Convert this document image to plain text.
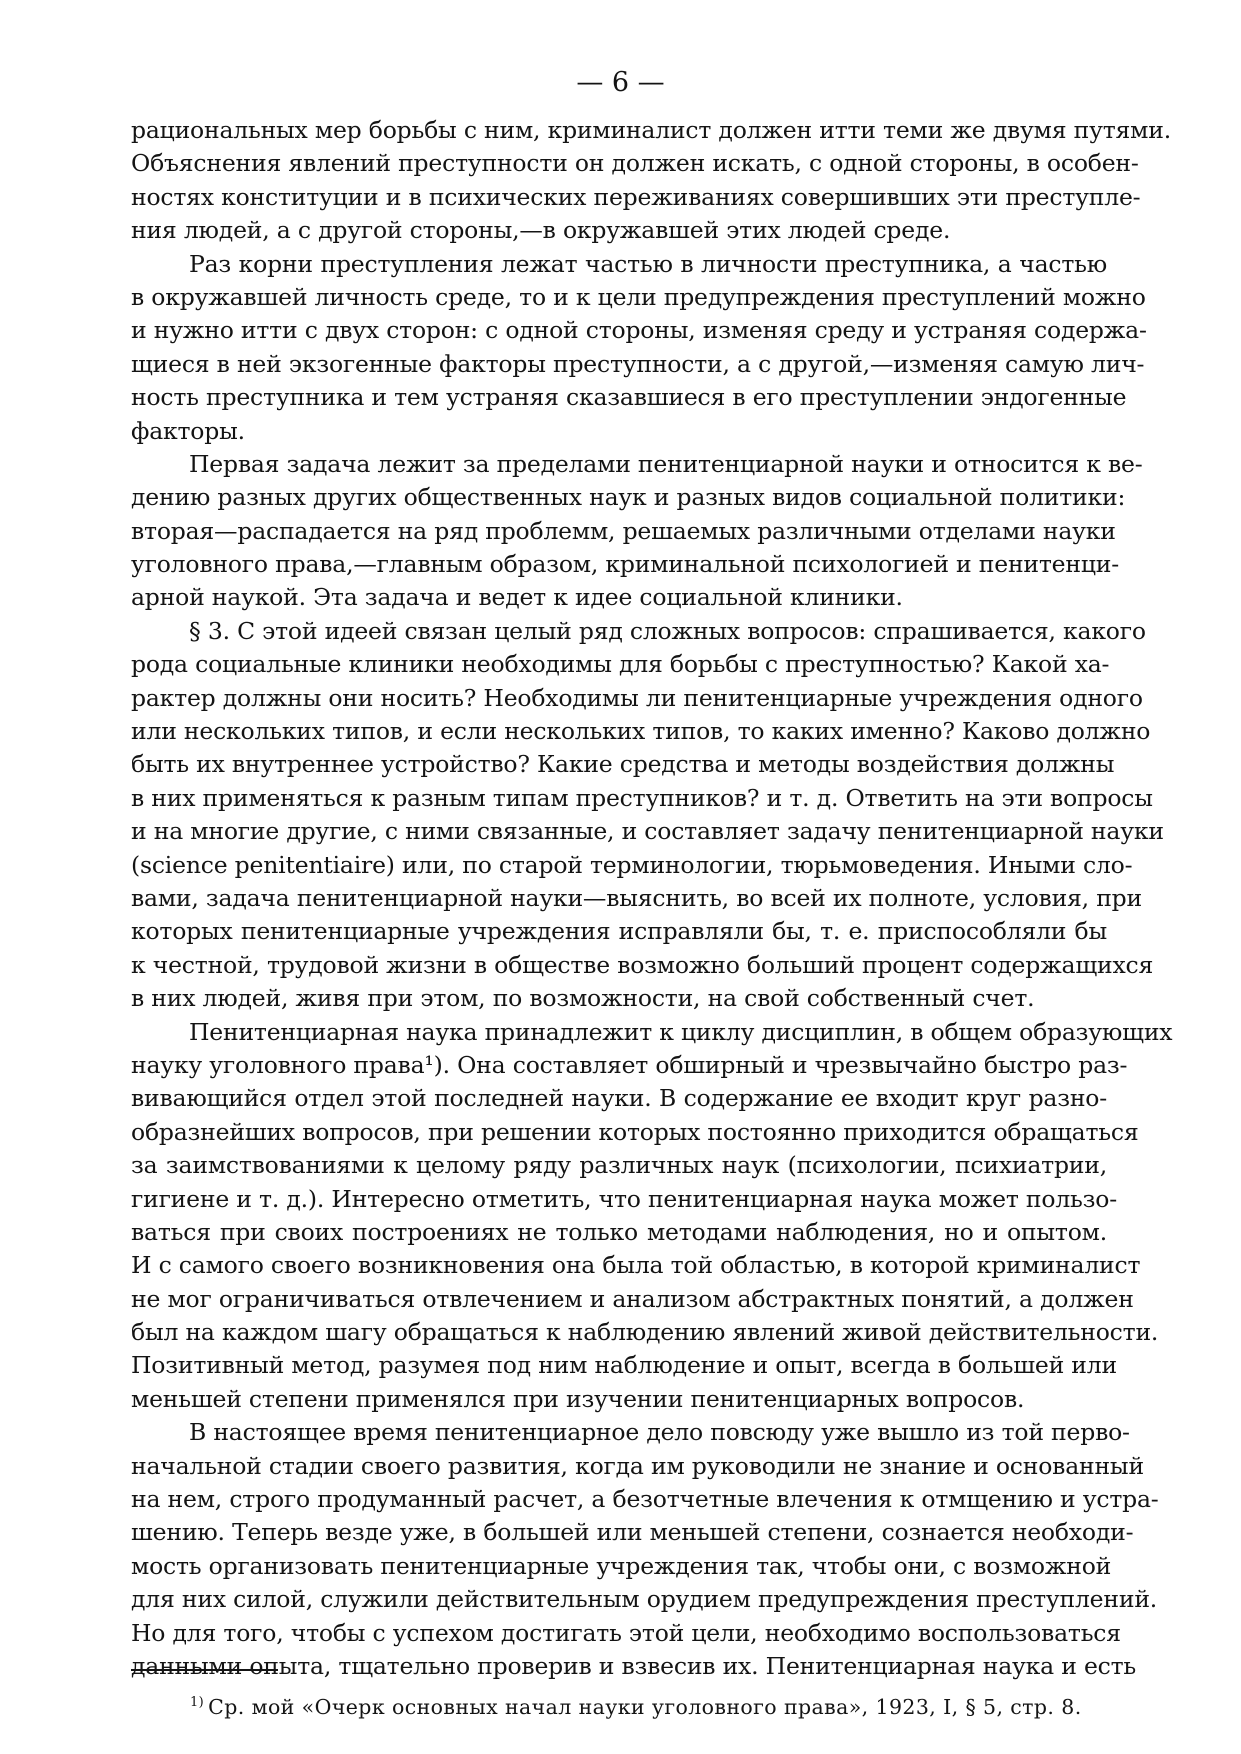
— 6 —
рациональных мер борьбы с ним, криминалист должен итти теми же двумя путями.
Объяснения явлений преступности он должен искать, с одной стороны, в особен-
ностях конституции и в психических переживаниях совершивших эти преступле-
ния людей, а с другой стороны,—в окружавшей этих людей среде.
Раз корни преступления лежат частью в личности преступника, а частью
в окружавшей личность среде, то и к цели предупреждения преступлений можно
и нужно итти с двух сторон: с одной стороны, изменяя среду и устраняя содержа-
щиеся в ней экзогенные факторы преступности, а с другой,—изменяя самую лич-
ность преступника и тем устраняя сказавшиеся в его преступлении эндогенные
факторы.
Первая задача лежит за пределами пенитенциарной науки и относится к ве-
дению разных других общественных наук и разных видов социальной политики:
вторая—распадается на ряд проблемм, решаемых различными отделами науки
уголовного права,—главным образом, криминальной психологией и пенитенци-
арной наукой. Эта задача и ведет к идее социальной клиники.
§ 3. С этой идеей связан целый ряд сложных вопросов: спрашивается, какого
рода социальные клиники необходимы для борьбы с преступностью? Какой ха-
рактер должны они носить? Необходимы ли пенитенциарные учреждения одного
или нескольких типов, и если нескольких типов, то каких именно? Каково должно
быть их внутреннее устройство? Какие средства и методы воздействия должны
в них применяться к разным типам преступников? и т. д. Ответить на эти вопросы
и на многие другие, с ними связанные, и составляет задачу пенитенциарной науки
(science penitentiaire) или, по старой терминологии, тюрьмоведения. Иными сло-
вами, задача пенитенциарной науки—выяснить, во всей их полноте, условия, при
которых пенитенциарные учреждения исправляли бы, т. е. приспособляли бы
к честной, трудовой жизни в обществе возможно больший процент содержащихся
в них людей, живя при этом, по возможности, на свой собственный счет.
Пенитенциарная наука принадлежит к циклу дисциплин, в общем образующих
науку уголовного права¹). Она составляет обширный и чрезвычайно быстро раз-
вивающийся отдел этой последней науки. В содержание ее входит круг разно-
образнейших вопросов, при решении которых постоянно приходится обращаться
за заимствованиями к целому ряду различных наук (психологии, психиатрии,
гигиене и т. д.). Интересно отметить, что пенитенциарная наука может пользо-
ваться при своих построениях не только методами наблюдения, но и опытом.
И с самого своего возникновения она была той областью, в которой криминалист
не мог ограничиваться отвлечением и анализом абстрактных понятий, а должен
был на каждом шагу обращаться к наблюдению явлений живой действительности.
Позитивный метод, разумея под ним наблюдение и опыт, всегда в большей или
меньшей степени применялся при изучении пенитенциарных вопросов.
В настоящее время пенитенциарное дело повсюду уже вышло из той перво-
начальной стадии своего развития, когда им руководили не знание и основанный
на нем, строго продуманный расчет, а безотчетные влечения к отмщению и устра-
шению. Теперь везде уже, в большей или меньшей степени, сознается необходи-
мость организовать пенитенциарные учреждения так, чтобы они, с возможной
для них силой, служили действительным орудием предупреждения преступлений.
Но для того, чтобы с успехом достигать этой цели, необходимо воспользоваться
данными опыта, тщательно проверив и взвесив их. Пенитенциарная наука и есть
$^{1)}$ Ср. мой «Очерк основных начал науки уголовного права», 1923, I, § 5, стр. 8.
